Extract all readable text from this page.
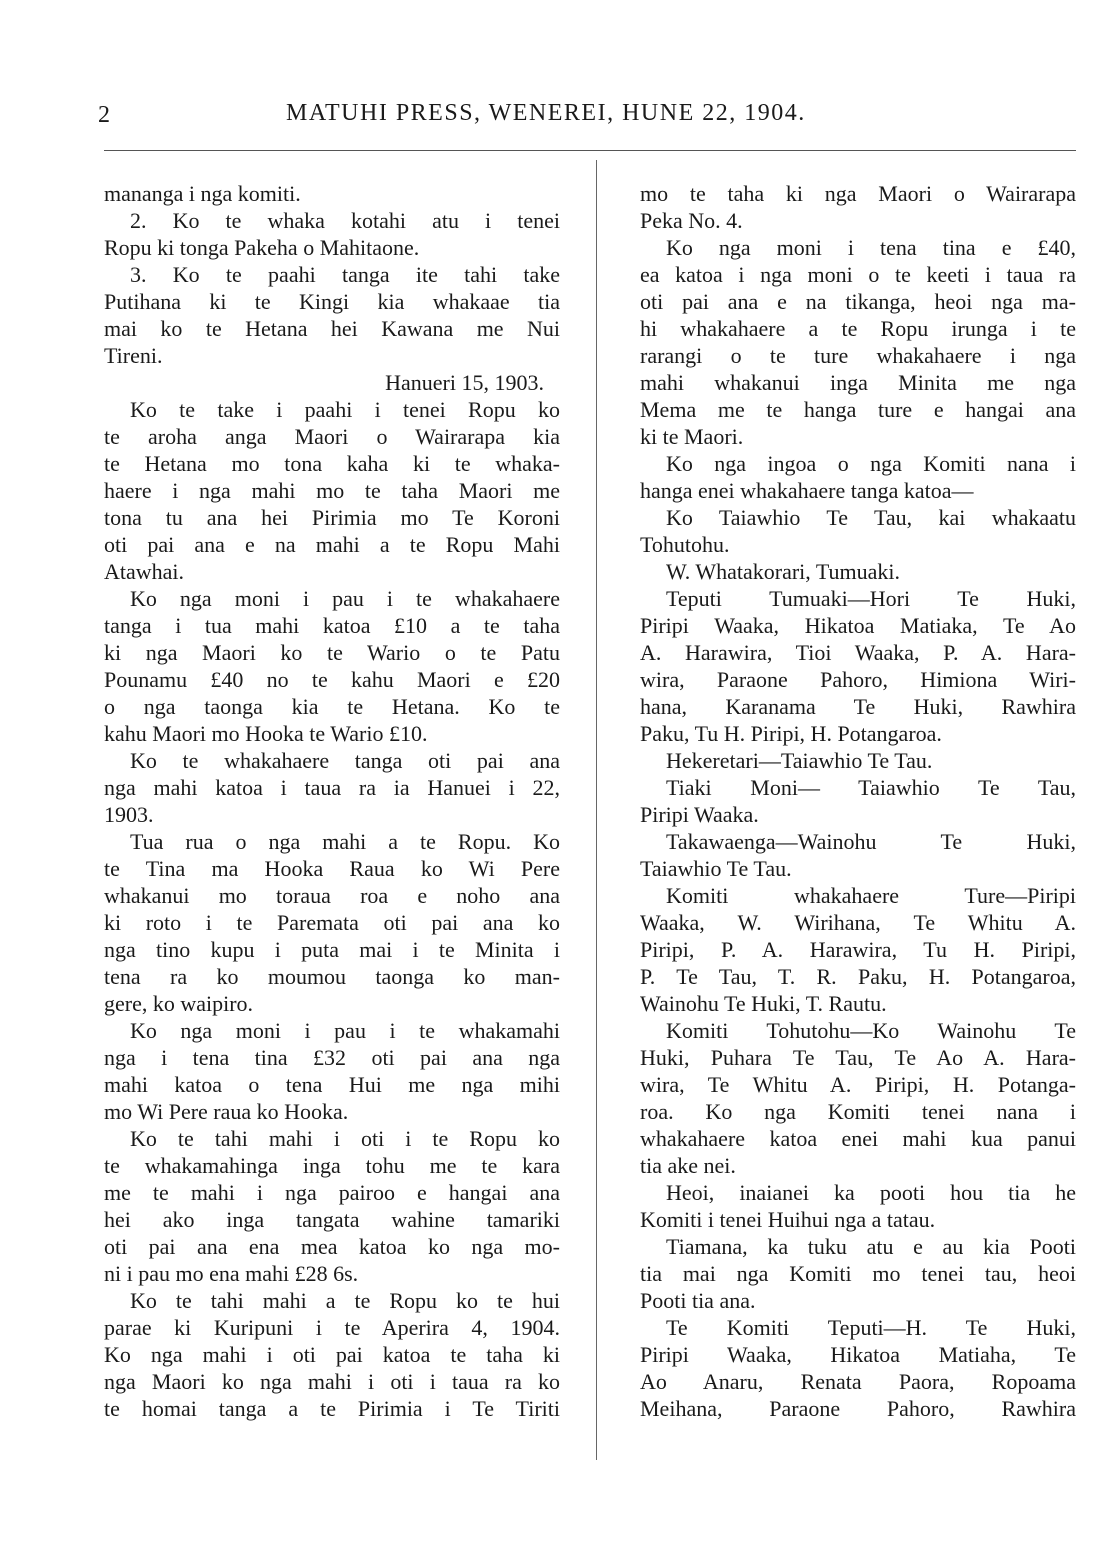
2	MATUHI PRESS, WENEREI, HUNE 22, 1904.
mananga i nga komiti.
2. Ko te whaka kotahi atu i tenei
Ropu ki tonga Pakeha o Mahitaone.
3. Ko te paahi tanga ite tahi take
Putihana ki te Kingi kia whakaae tia
mai ko te Hetana hei Kawana me Nui
Tireni.
Hanueri 15, 1903.
Ko te take i paahi i tenei Ropu ko
te aroha anga Maori o Wairarapa kia
te Hetana mo tona kaha ki te whaka-
haere i nga mahi mo te taha Maori me
tona tu ana hei Pirimia mo Te Koroni
oti pai ana e na mahi a te Ropu Mahi
Atawhai.
Ko nga moni i pau i te whakahaere
tanga i tua mahi katoa £10 a te taha
ki nga Maori ko te Wario o te Patu
Pounamu £40 no te kahu Maori e £20
o nga taonga kia te Hetana. Ko te
kahu Maori mo Hooka te Wario £10.
Ko te whakahaere tanga oti pai ana
nga mahi katoa i taua ra ia Hanuei i 22,
1903.
Tua rua o nga mahi a te Ropu. Ko
te Tina ma Hooka Raua ko Wi Pere
whakanui mo toraua roa e noho ana
ki roto i te Paremata oti pai ana ko
nga tino kupu i puta mai i te Minita i
tena ra ko moumou taonga ko man-
gere, ko waipiro.
Ko nga moni i pau i te whakamahi
nga i tena tina £32 oti pai ana nga
mahi katoa o tena Hui me nga mihi
mo Wi Pere raua ko Hooka.
Ko te tahi mahi i oti i te Ropu ko
te whakamahinga inga tohu me te kara
me te mahi i nga pairoo e hangai ana
hei ako inga tangata wahine tamariki
oti pai ana ena mea katoa ko nga mo-
ni i pau mo ena mahi £28 6s.
Ko te tahi mahi a te Ropu ko te hui
parae ki Kuripuni i te Aperira 4, 1904.
Ko nga mahi i oti pai katoa te taha ki
nga Maori ko nga mahi i oti i taua ra ko
te homai tanga a te Pirimia i Te Tiriti
mo te taha ki nga Maori o Wairarapa
Peka No. 4.
Ko nga moni i tena tina e £40,
ea katoa i nga moni o te keeti i taua ra
oti pai ana e na tikanga, heoi nga ma-
hi whakahaere a te Ropu irunga i te
rarangi o te ture whakahaere i nga
mahi whakanui inga Minita me nga
Mema me te hanga ture e hangai ana
ki te Maori.
Ko nga ingoa o nga Komiti nana i
hanga enei whakahaere tanga katoa—
Ko Taiawhio Te Tau, kai whakaatu
Tohutohu.
W. Whatakorari, Tumuaki.
Teputi Tumuaki—Hori Te Huki,
Piripi Waaka, Hikatoa Matiaka, Te Ao
A. Harawira, Tioi Waaka, P. A. Hara-
wira, Paraone Pahoro, Himiona Wiri-
hana, Karanama Te Huki, Rawhira
Paku, Tu H. Piripi, H. Potangaroa.
Hekeretari—Taiawhio Te Tau.
Tiaki Moni— Taiawhio Te Tau,
Piripi Waaka.
Takawaenga—Wainohu Te Huki,
Taiawhio Te Tau.
Komiti whakahaere Ture—Piripi
Waaka, W. Wirihana, Te Whitu A.
Piripi, P. A. Harawira, Tu H. Piripi,
P. Te Tau, T. R. Paku, H. Potangaroa,
Wainohu Te Huki, T. Rautu.
Komiti Tohutohu—Ko Wainohu Te
Huki, Puhara Te Tau, Te Ao A. Hara-
wira, Te Whitu A. Piripi, H. Potanga-
roa. Ko nga Komiti tenei nana i
whakahaere katoa enei mahi kua panui
tia ake nei.
Heoi, inaianei ka pooti hou tia he
Komiti i tenei Huihui nga a tatau.
Tiamana, ka tuku atu e au kia Pooti
tia mai nga Komiti mo tenei tau, heoi
Pooti tia ana.
Te Komiti Teputi—H. Te Huki,
Piripi Waaka, Hikatoa Matiaha, Te
Ao Anaru, Renata Paora, Ropoama
Meihana, Paraone Pahoro, Rawhira
